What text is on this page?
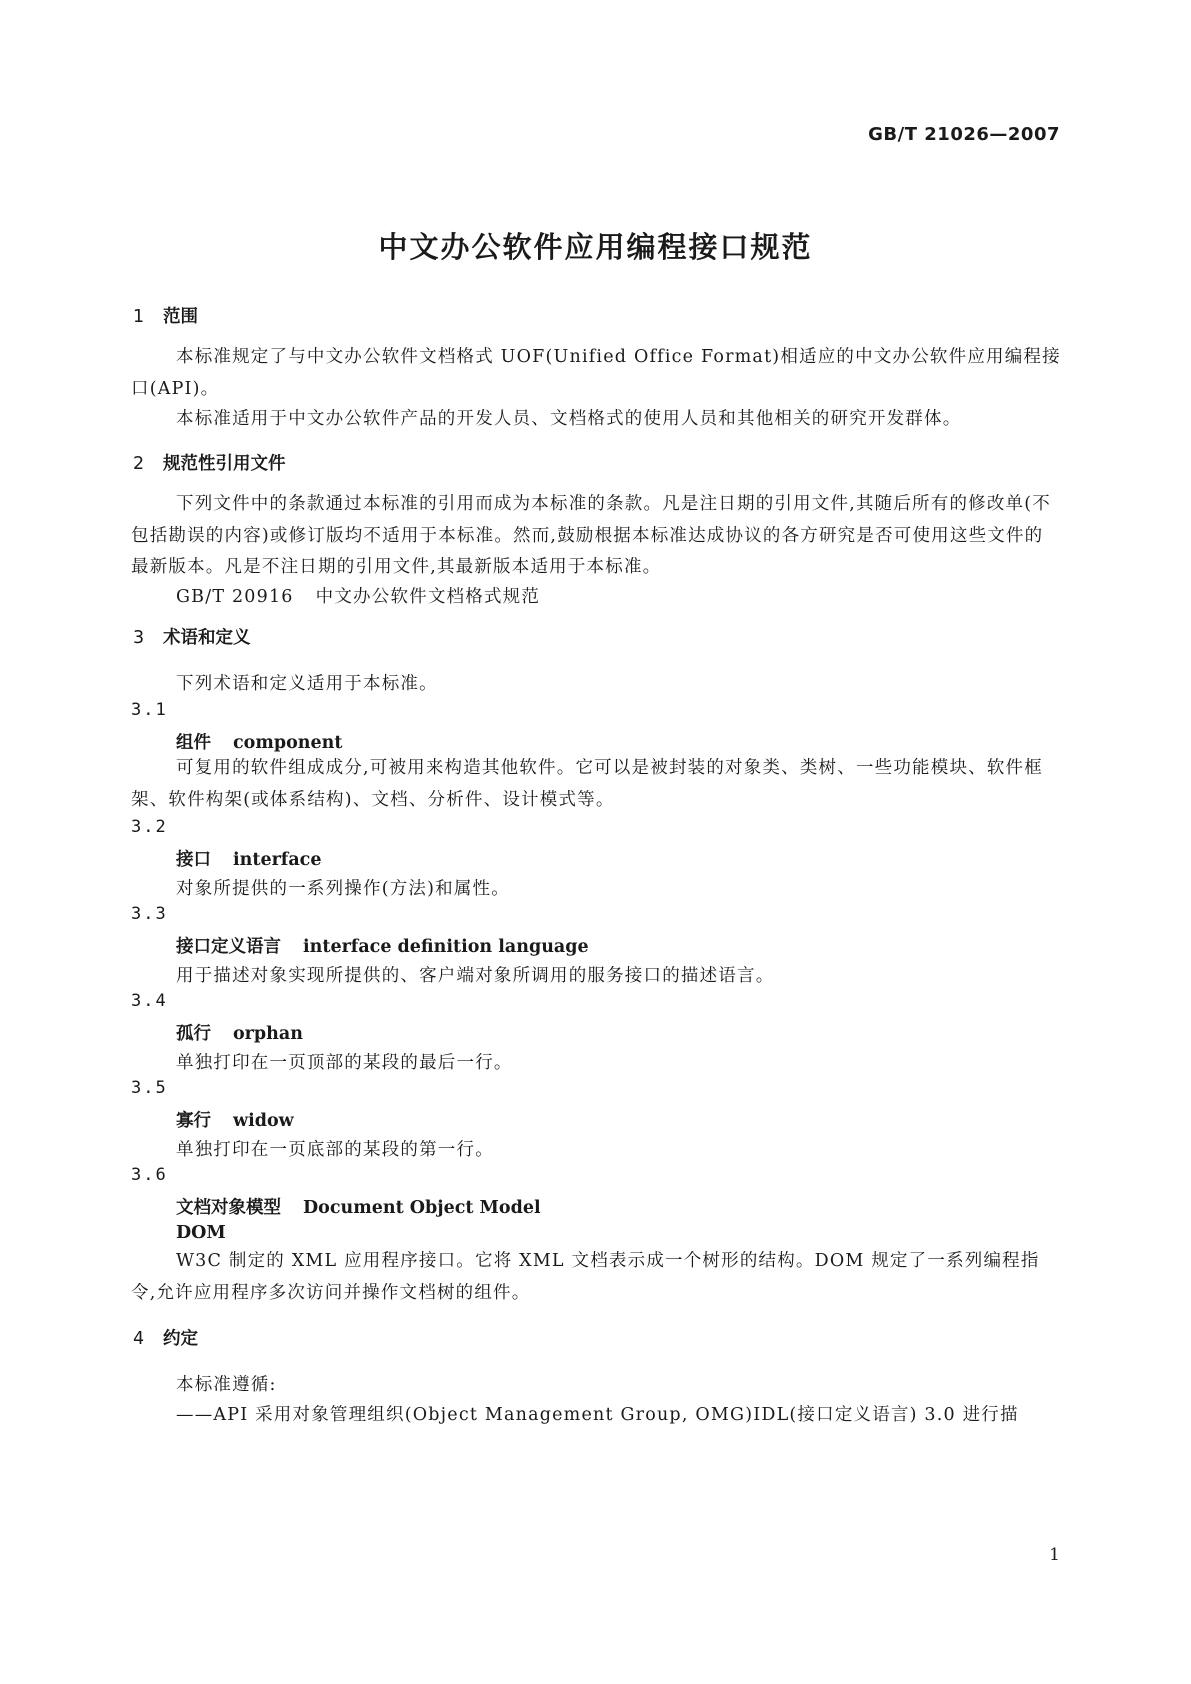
GB/T 21026—2007
中文办公软件应用编程接口规范
1 范围
本标准规定了与中文办公软件文档格式 UOF(Unified Office Format)相适应的中文办公软件应用编程接口(API)。
本标准适用于中文办公软件产品的开发人员、文档格式的使用人员和其他相关的研究开发群体。
2 规范性引用文件
下列文件中的条款通过本标准的引用而成为本标准的条款。凡是注日期的引用文件,其随后所有的修改单(不包括勘误的内容)或修订版均不适用于本标准。然而,鼓励根据本标准达成协议的各方研究是否可使用这些文件的最新版本。凡是不注日期的引用文件,其最新版本适用于本标准。
GB/T 20916 中文办公软件文档格式规范
3 术语和定义
下列术语和定义适用于本标准。
3.1
组件 component
可复用的软件组成成分,可被用来构造其他软件。它可以是被封装的对象类、类树、一些功能模块、软件框架、软件构架(或体系结构)、文档、分析件、设计模式等。
3.2
接口 interface
对象所提供的一系列操作(方法)和属性。
3.3
接口定义语言 interface definition language
用于描述对象实现所提供的、客户端对象所调用的服务接口的描述语言。
3.4
孤行 orphan
单独打印在一页顶部的某段的最后一行。
3.5
寡行 widow
单独打印在一页底部的某段的第一行。
3.6
文档对象模型 Document Object Model
DOM
W3C 制定的 XML 应用程序接口。它将 XML 文档表示成一个树形的结构。DOM 规定了一系列编程指令,允许应用程序多次访问并操作文档树的组件。
4 约定
本标准遵循:
——API 采用对象管理组织(Object Management Group, OMG)IDL(接口定义语言) 3.0 进行描
1
